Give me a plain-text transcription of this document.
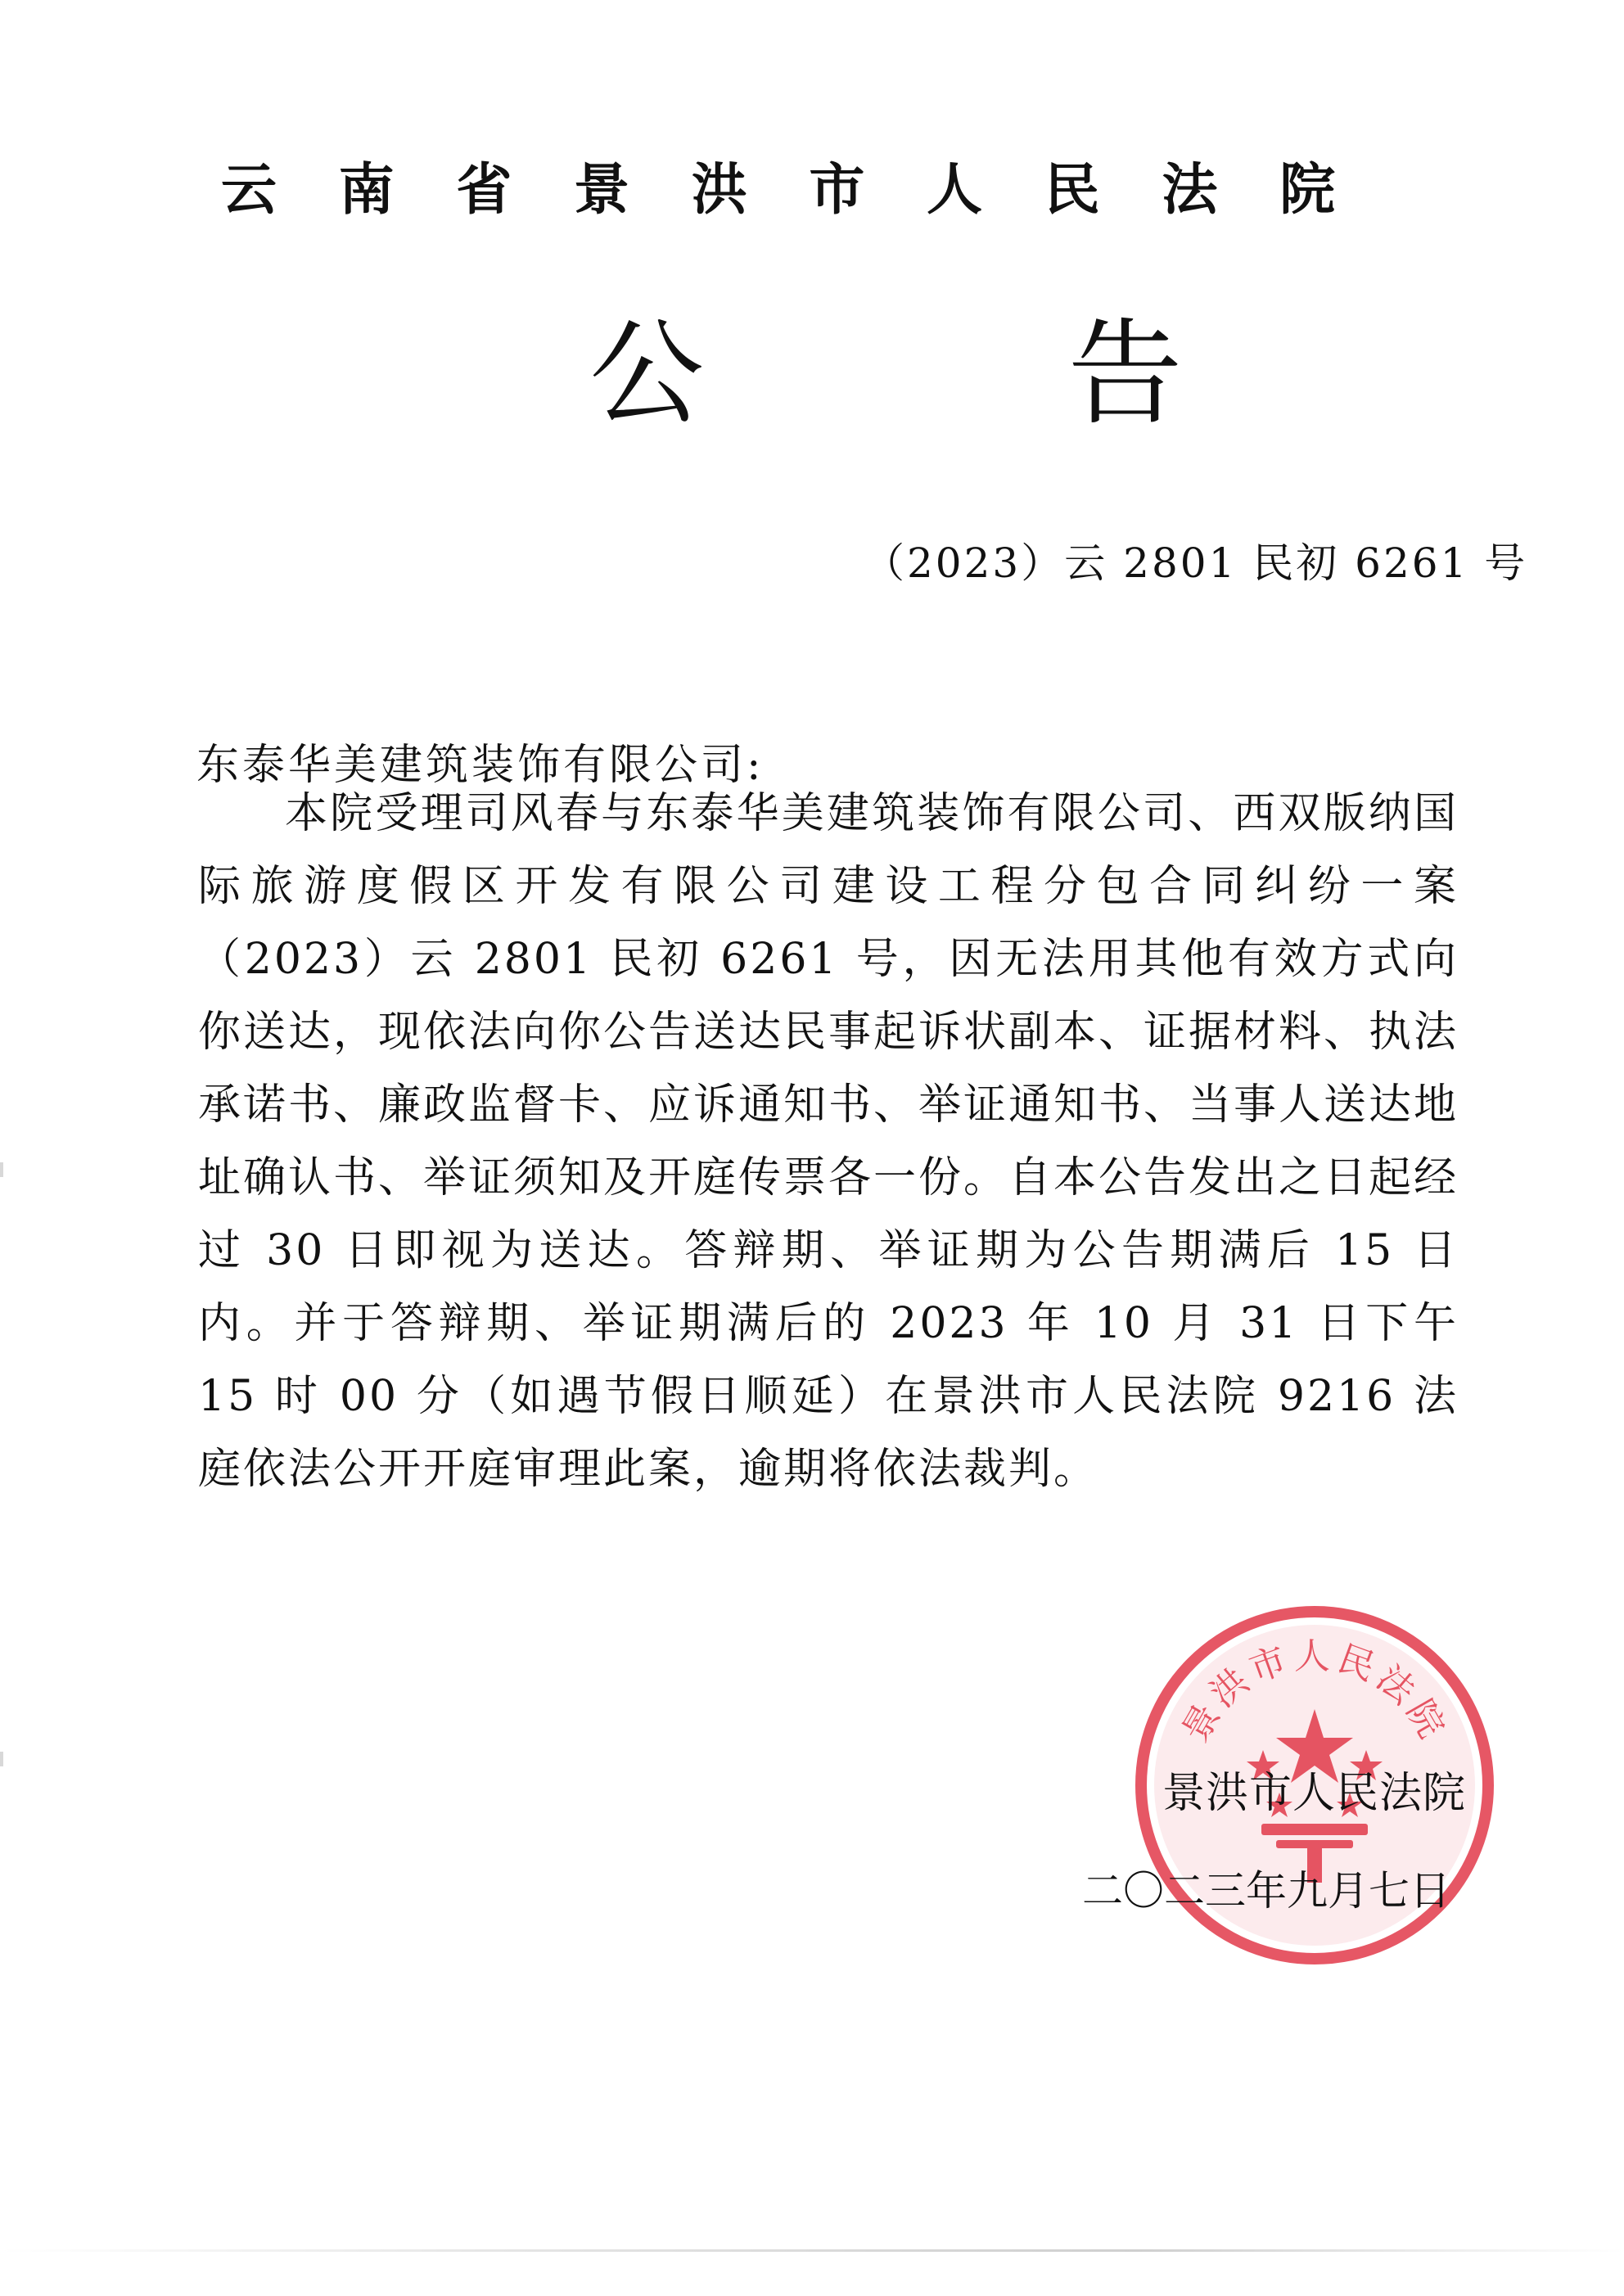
云 南 省 景 洪 市 人 民 法 院
公 告
（2023）云 2801 民初 6261 号
东泰华美建筑装饰有限公司:

本院受理司风春与东泰华美建筑装饰有限公司、西双版纳国际旅游度假区开发有限公司建设工程分包合同纠纷一案（2023）云 2801 民初 6261 号，因无法用其他有效方式向你送达，现依法向你公告送达民事起诉状副本、证据材料、执法承诺书、廉政监督卡、应诉通知书、举证通知书、当事人送达地址确认书、举证须知及开庭传票各一份。自本公告发出之日起经过 30 日即视为送达。答辩期、举证期为公告期满后 15 日内。并于答辩期、举证期满后的 2023 年 10 月 31 日下午 15 时 00 分（如遇节假日顺延）在景洪市人民法院 9216 法庭依法公开开庭审理此案，逾期将依法裁判。

景洪市人民法院
景洪市人民法院
二〇二三年九月七日
